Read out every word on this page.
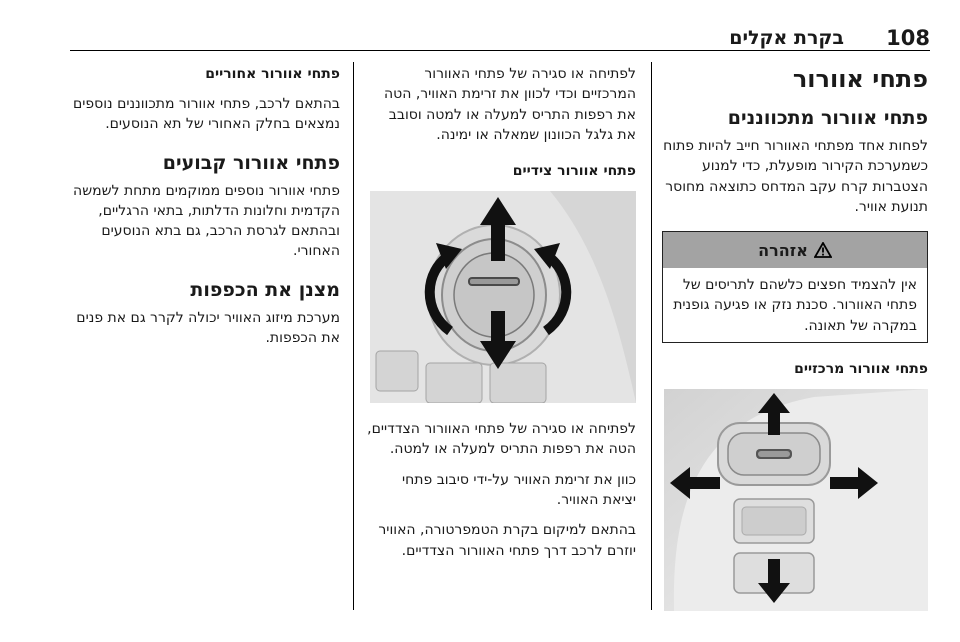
108
בקרת אקלים
פתחי אוורור
פתחי אוורור מתכווננים
לפחות אחד מפתחי האוורור חייב להיות פתוח כשמערכת הקירור מופעלת, כדי למנוע הצטברות קרח עקב המדחס כתוצאה מחוסר תנועת אוויר.
אזהרה
אין להצמיד חפצים כלשהם לתריסים של פתחי האוורור. סכנת נזק או פגיעה גופנית במקרה של תאונה.
פתחי אוורור מרכזיים
לפתיחה או סגירה של פתחי האוורור המרכזיים וכדי לכוון את זרימת האוויר, הטה את רפפות התריס למעלה או למטה וסובב את גלגל הכוונון שמאלה או ימינה.
פתחי אוורור צידיים
לפתיחה או סגירה של פתחי האוורור הצדדיים, הטה את רפפות התריס למעלה או למטה.
כוון את זרימת האוויר על-ידי סיבוב פתחי יציאת האוויר.
בהתאם למיקום בקרת הטמפרטורה, האוויר יוזרם לרכב דרך פתחי האוורור הצדדיים.
פתחי אוורור אחוריים
בהתאם לרכב, פתחי אוורור מתכווננים נוספים נמצאים בחלק האחורי של תא הנוסעים.
פתחי אוורור קבועים
פתחי אוורור נוספים ממוקמים מתחת לשמשה הקדמית וחלונות הדלתות, בתאי הרגליים, ובהתאם לגרסת הרכב, גם בתא הנוסעים האחורי.
מצנן את הכפפות
מערכת מיזוג האוויר יכולה לקרר גם את פנים את הכפפות.
